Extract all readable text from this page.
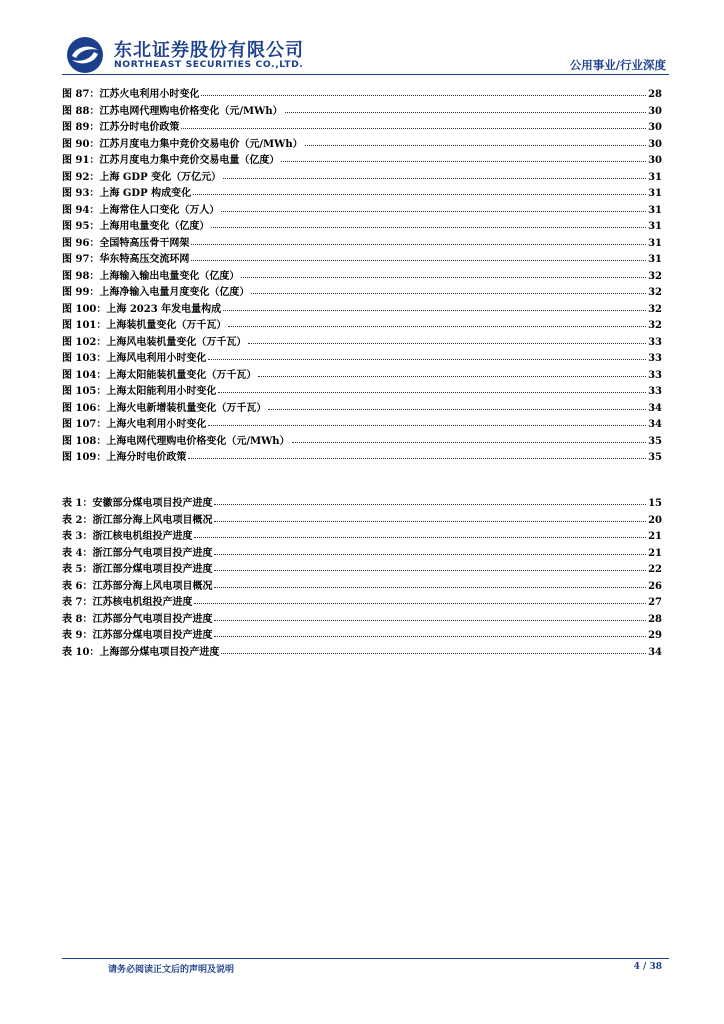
东北证券股份有限公司
NORTHEAST SECURITIES CO.,LTD.	公用事业/行业深度
图 87：江苏火电利用小时变化	28
图 88：江苏电网代理购电价格变化（元/MWh）	30
图 89：江苏分时电价政策	30
图 90：江苏月度电力集中竞价交易电价（元/MWh）	30
图 91：江苏月度电力集中竞价交易电量（亿度）	30
图 92：上海 GDP 变化（万亿元）	31
图 93：上海 GDP 构成变化	31
图 94：上海常住人口变化（万人）	31
图 95：上海用电量变化（亿度）	31
图 96：全国特高压骨干网架	31
图 97：华东特高压交流环网	31
图 98：上海输入输出电量变化（亿度）	32
图 99：上海净输入电量月度变化（亿度）	32
图 100：上海 2023 年发电量构成	32
图 101：上海装机量变化（万千瓦）	32
图 102：上海风电装机量变化（万千瓦）	33
图 103：上海风电利用小时变化	33
图 104：上海太阳能装机量变化（万千瓦）	33
图 105：上海太阳能利用小时变化	33
图 106：上海火电新增装机量变化（万千瓦）	34
图 107：上海火电利用小时变化	34
图 108：上海电网代理购电价格变化（元/MWh）	35
图 109：上海分时电价政策	35
表 1：安徽部分煤电项目投产进度	15
表 2：浙江部分海上风电项目概况	20
表 3：浙江核电机组投产进度	21
表 4：浙江部分气电项目投产进度	21
表 5：浙江部分煤电项目投产进度	22
表 6：江苏部分海上风电项目概况	26
表 7：江苏核电机组投产进度	27
表 8：江苏部分气电项目投产进度	28
表 9：江苏部分煤电项目投产进度	29
表 10：上海部分煤电项目投产进度	34
请务必阅读正文后的声明及说明	4 / 38
